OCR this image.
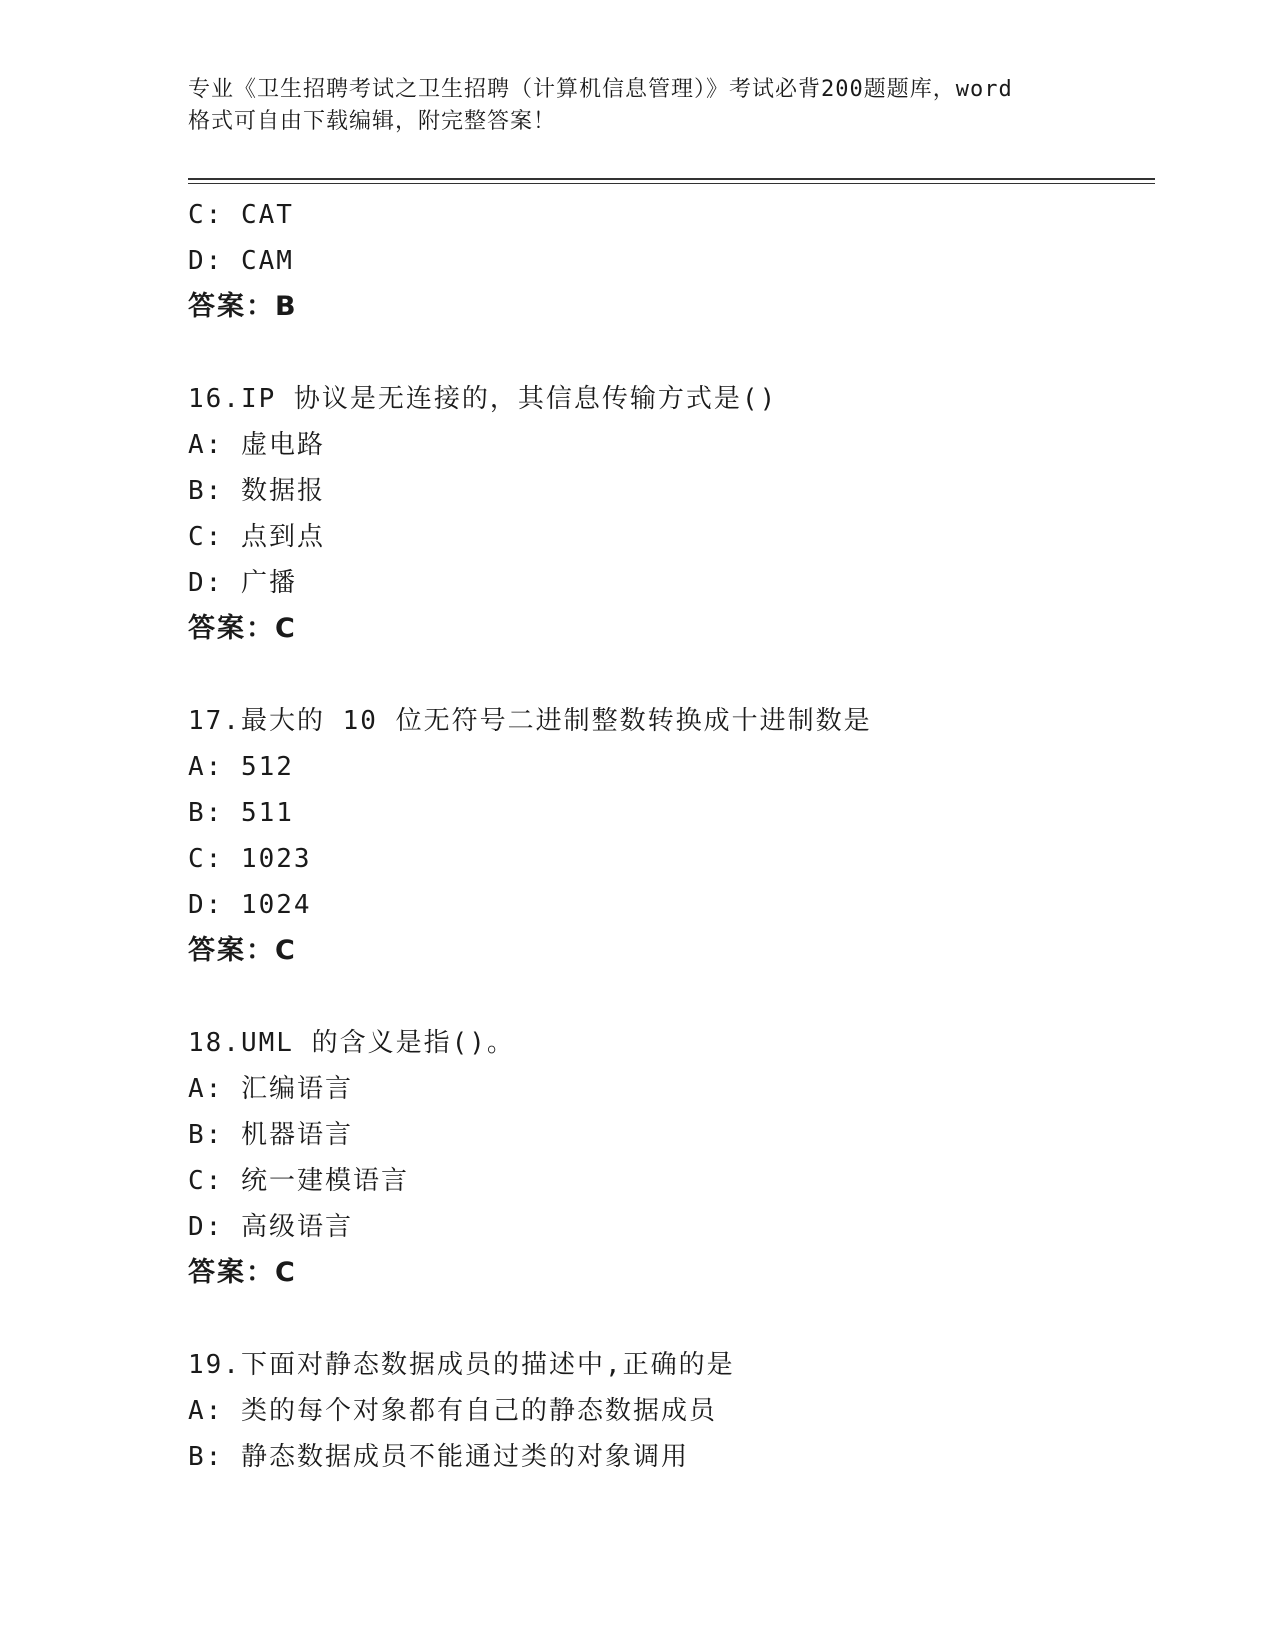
专业《卫生招聘考试之卫生招聘（计算机信息管理）》考试必背200题题库，word
格式可自由下载编辑，附完整答案！
C: CAT
D: CAM
答案：B
16.IP 协议是无连接的，其信息传输方式是()
A: 虚电路
B: 数据报
C: 点到点
D: 广播
答案：C
17.最大的 10 位无符号二进制整数转换成十进制数是
A: 512
B: 511
C: 1023
D: 1024
答案：C
18.UML 的含义是指()。
A: 汇编语言
B: 机器语言
C: 统一建模语言
D: 高级语言
答案：C
19.下面对静态数据成员的描述中,正确的是
A: 类的每个对象都有自己的静态数据成员
B: 静态数据成员不能通过类的对象调用
